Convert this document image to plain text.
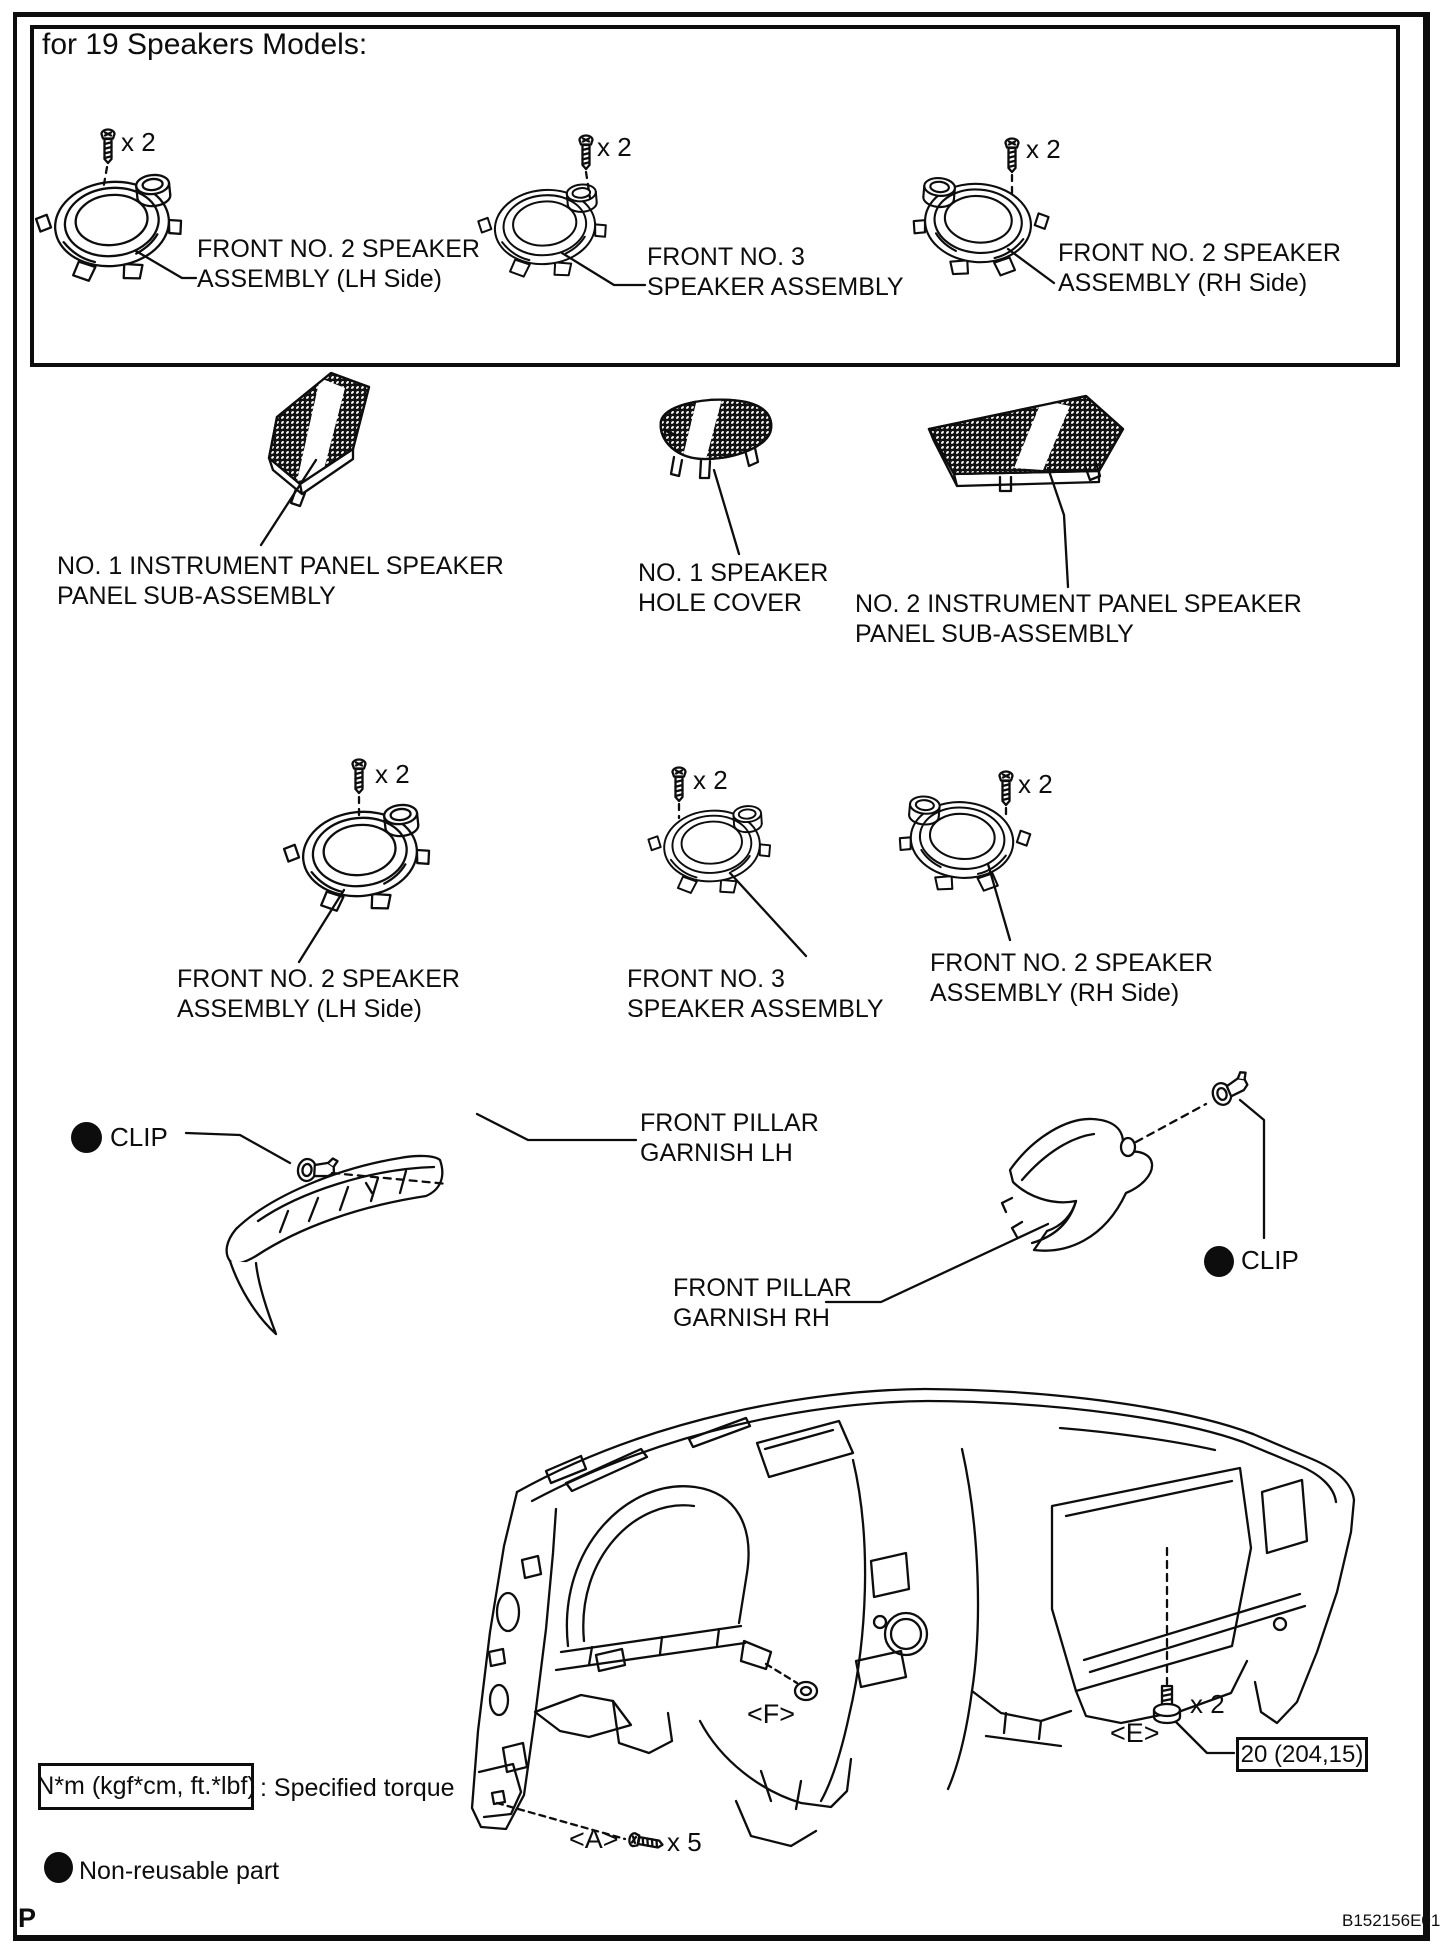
for 19 Speakers Models:
x 2
FRONT NO. 2 SPEAKER
ASSEMBLY (LH Side)
x 2
FRONT NO. 3
SPEAKER ASSEMBLY
x 2
FRONT NO. 2 SPEAKER
ASSEMBLY (RH Side)
NO. 1 INSTRUMENT PANEL SPEAKER
PANEL SUB-ASSEMBLY
NO. 1 SPEAKER
HOLE COVER	NO. 2 INSTRUMENT PANEL SPEAKER
PANEL SUB-ASSEMBLY
x 2
FRONT NO. 2 SPEAKER
ASSEMBLY (LH Side)
x 2
FRONT NO. 3
SPEAKER ASSEMBLY
x 2
FRONT NO. 2 SPEAKER
ASSEMBLY (RH Side)
CLIP	FRONT PILLAR
GARNISH LH
FRONT PILLAR
GARNISH RH
CLIP
<F>
<A> x 5
<E>
x 2
20 (204,15)
N*m (kgf*cm, ft.*lbf) : Specified torque
Non-reusable part
P	B152156E01
